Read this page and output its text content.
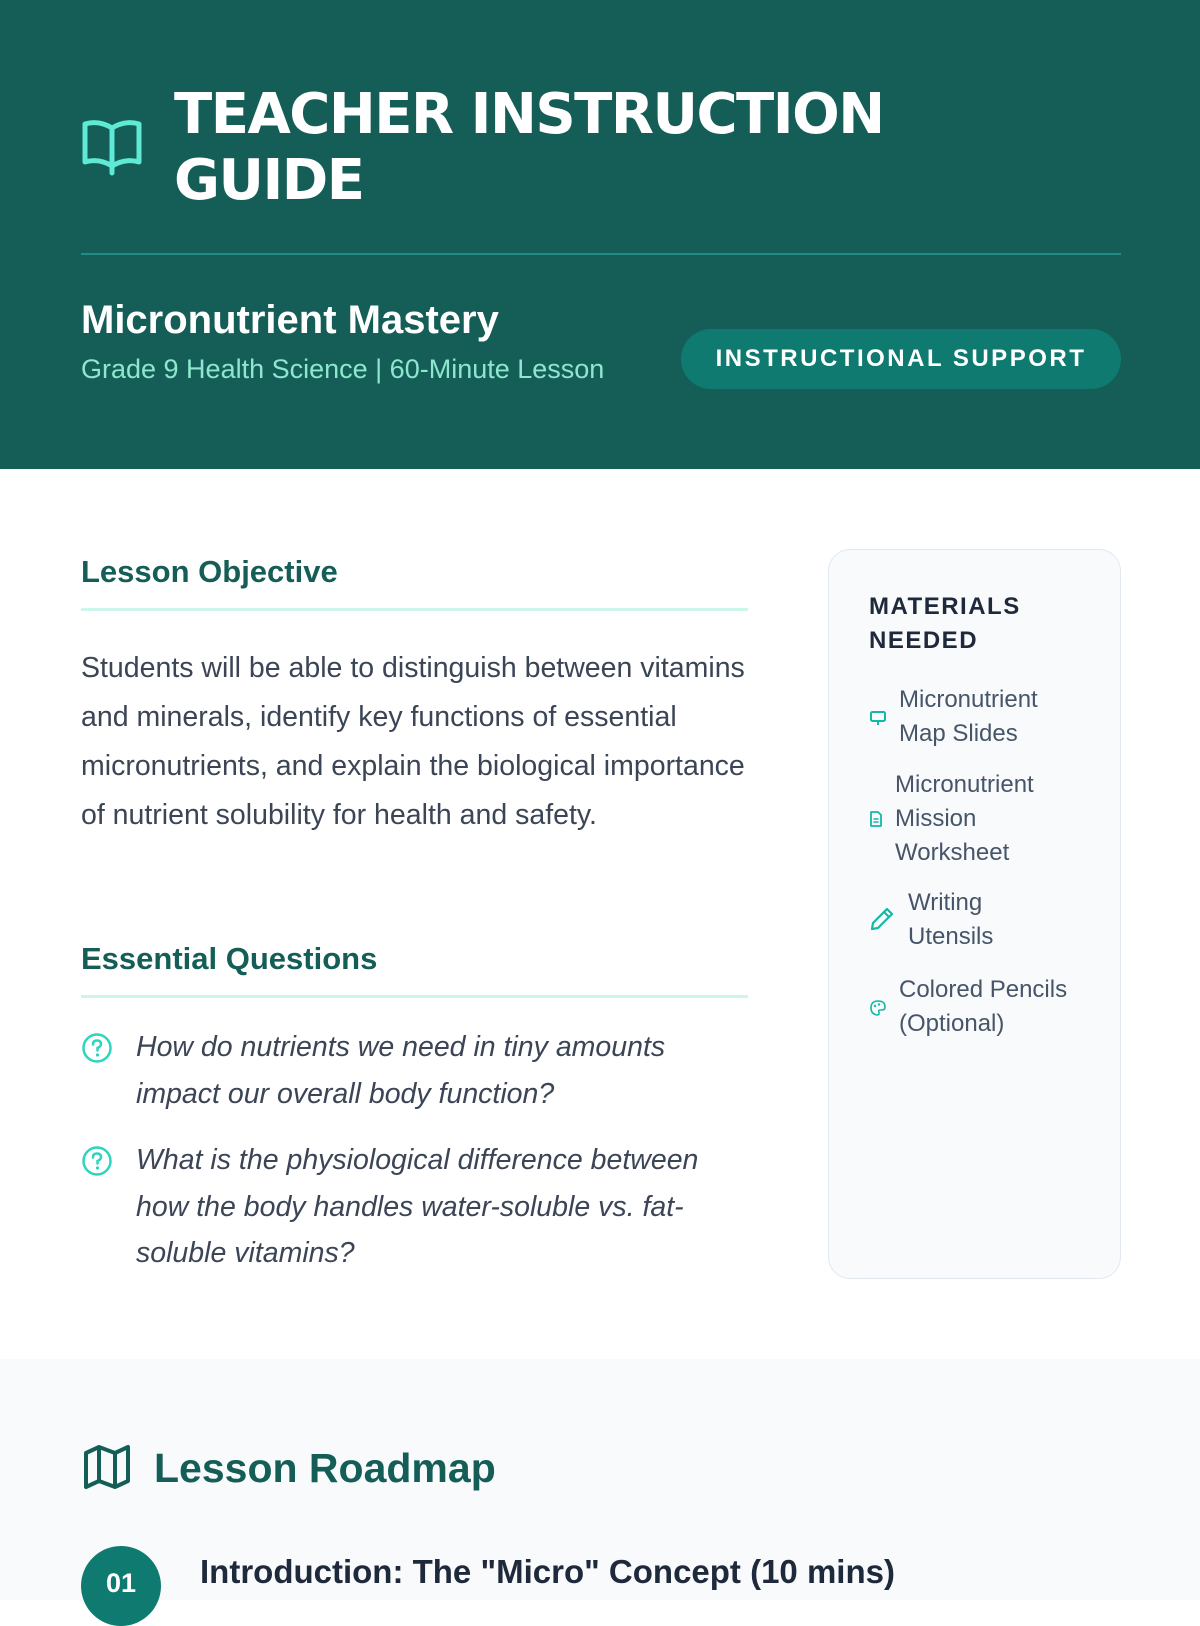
TEACHER INSTRUCTION GUIDE
Micronutrient Mastery
Grade 9 Health Science | 60-Minute Lesson	INSTRUCTIONAL SUPPORT
Lesson Objective
Students will be able to distinguish between vitamins and minerals, identify key functions of essential micronutrients, and explain the biological importance of nutrient solubility for health and safety.
Essential Questions
How do nutrients we need in tiny amounts impact our overall body function?
What is the physiological difference between how the body handles water-soluble vs. fat-soluble vitamins?
MATERIALS NEEDED
Micronutrient Map Slides
Micronutrient Mission Worksheet
Writing Utensils
Colored Pencils (Optional)
Lesson Roadmap
01	Introduction: The "Micro" Concept (10 mins)
